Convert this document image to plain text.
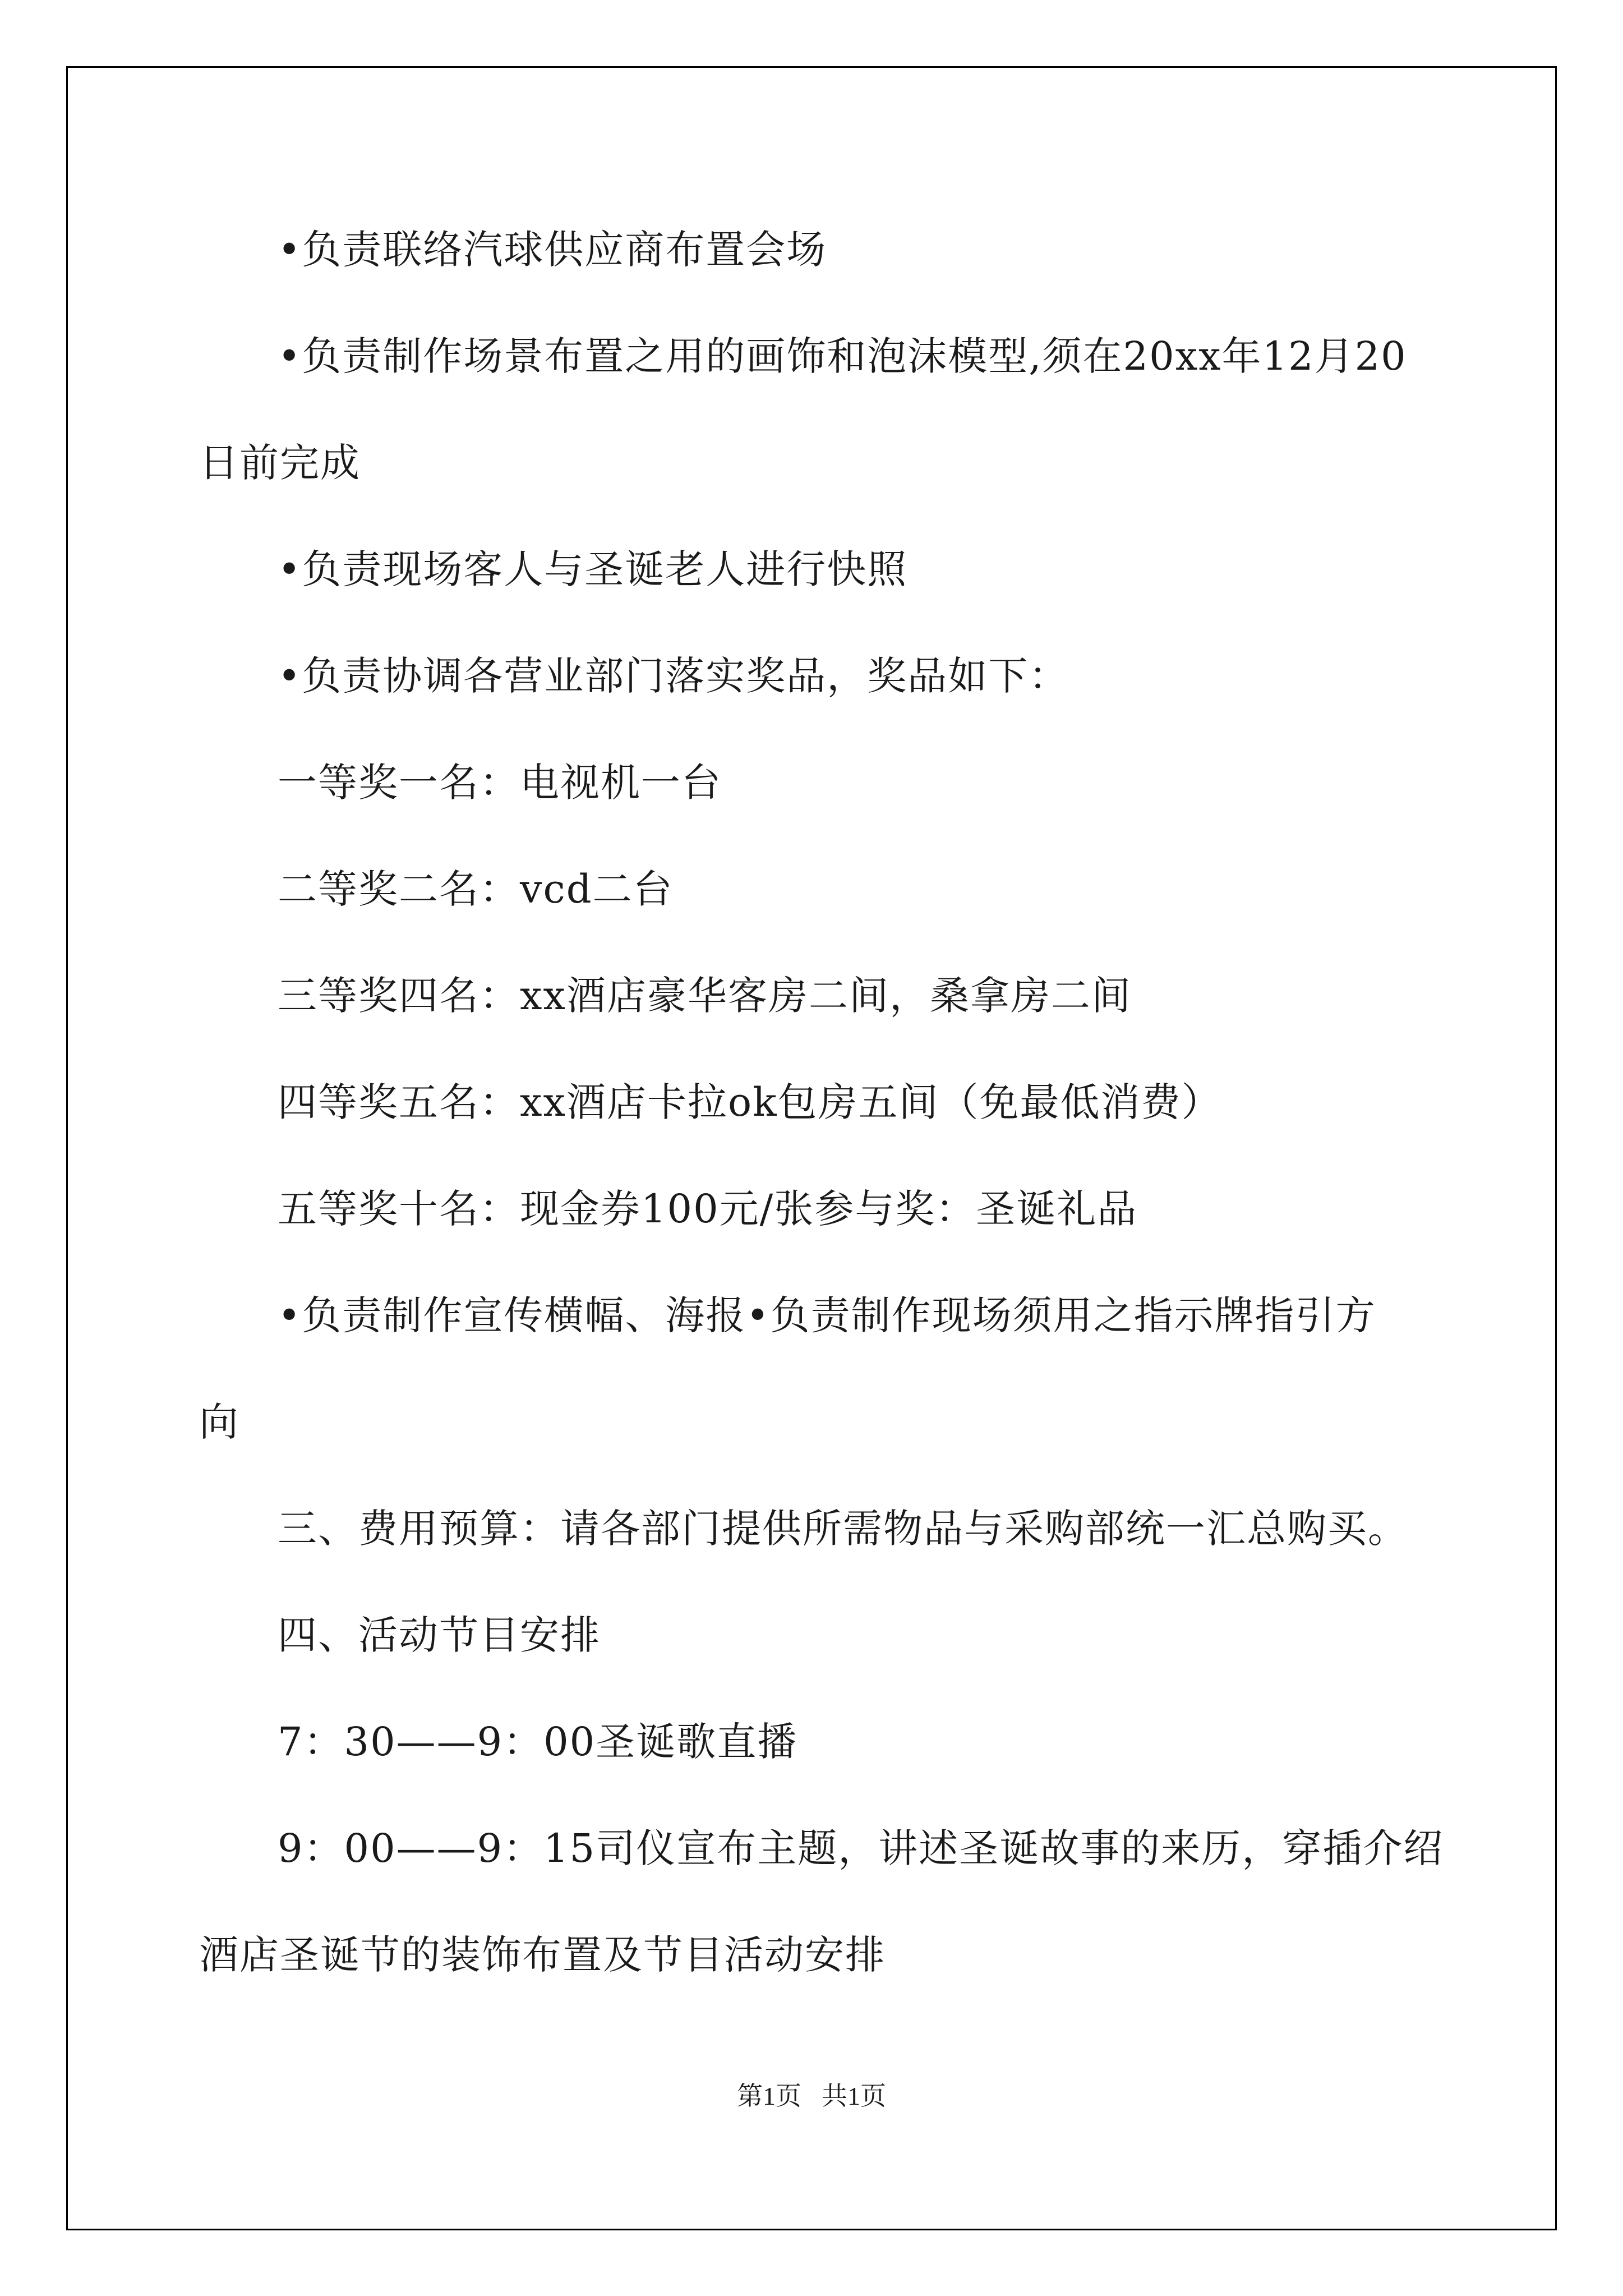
•负责联络汽球供应商布置会场
•负责制作场景布置之用的画饰和泡沫模型,须在20xx年12月20
日前完成
•负责现场客人与圣诞老人进行快照
•负责协调各营业部门落实奖品，奖品如下：
一等奖一名：电视机一台
二等奖二名：vcd二台
三等奖四名：xx酒店豪华客房二间，桑拿房二间
四等奖五名：xx酒店卡拉ok包房五间（免最低消费）
五等奖十名：现金券100元/张参与奖：圣诞礼品
•负责制作宣传横幅、海报•负责制作现场须用之指示牌指引方
向
三、费用预算：请各部门提供所需物品与采购部统一汇总购买。
四、活动节目安排
7：30——9：00圣诞歌直播
9：00——9：15司仪宣布主题，讲述圣诞故事的来历，穿插介绍
酒店圣诞节的装饰布置及节目活动安排
第1页 共1页
